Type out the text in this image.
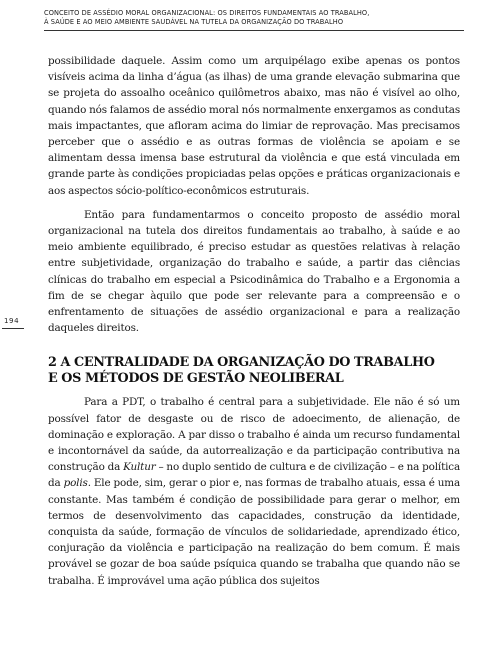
CONCEITO DE ASSÉDIO MORAL ORGANIZACIONAL: OS DIREITOS FUNDAMENTAIS AO TRABALHO,
À SAÚDE E AO MEIO AMBIENTE SAUDÁVEL NA TUTELA DA ORGANIZAÇÃO DO TRABALHO
194

possibilidade daquele. Assim como um arquipélago exibe apenas os pontos visíveis acima da linha d’água (as ilhas) de uma grande elevação submarina que se projeta do assoalho oceânico quilômetros abaixo, mas não é visível ao olho, quando nós falamos de assédio moral nós normalmente enxergamos as condutas mais impactantes, que afloram acima do limiar de reprovação. Mas precisamos perceber que o assédio e as outras formas de violência se apoiam e se alimentam dessa imensa base estrutural da violência e que está vinculada em grande parte às condições propiciadas pelas opções e práticas organizacionais e aos aspectos sócio-político-econômicos estruturais.

Então para fundamentarmos o conceito proposto de assédio moral organizacional na tutela dos direitos fundamentais ao trabalho, à saúde e ao meio ambiente equilibrado, é preciso estudar as questões relativas à relação entre subjetividade, organização do trabalho e saúde, a partir das ciências clínicas do trabalho em especial a Psicodinâmica do Trabalho e a Ergonomia a fim de se chegar àquilo que pode ser relevante para a compreensão e o enfrentamento de situações de assédio organizacional e para a realização daqueles direitos.

2 A CENTRALIDADE DA ORGANIZAÇÃO DO TRABALHO
E OS MÉTODOS DE GESTÃO NEOLIBERAL

Para a PDT, o trabalho é central para a subjetividade. Ele não é só um possível fator de desgaste ou de risco de adoecimento, de alienação, de dominação e exploração. A par disso o trabalho é ainda um recurso fundamental e incontornável da saúde, da autorrealização e da participação contributiva na construção da Kultur – no duplo sentido de cultura e de civilização – e na política da polis. Ele pode, sim, gerar o pior e, nas formas de trabalho atuais, essa é uma constante. Mas também é condição de possibilidade para gerar o melhor, em termos de desenvolvimento das capacidades, construção da identidade, conquista da saúde, formação de vínculos de solidariedade, aprendizado ético, conjuração da violência e participação na realização do bem comum. É mais provável se gozar de boa saúde psíquica quando se trabalha que quando não se trabalha. É improvável uma ação pública dos sujeitos
